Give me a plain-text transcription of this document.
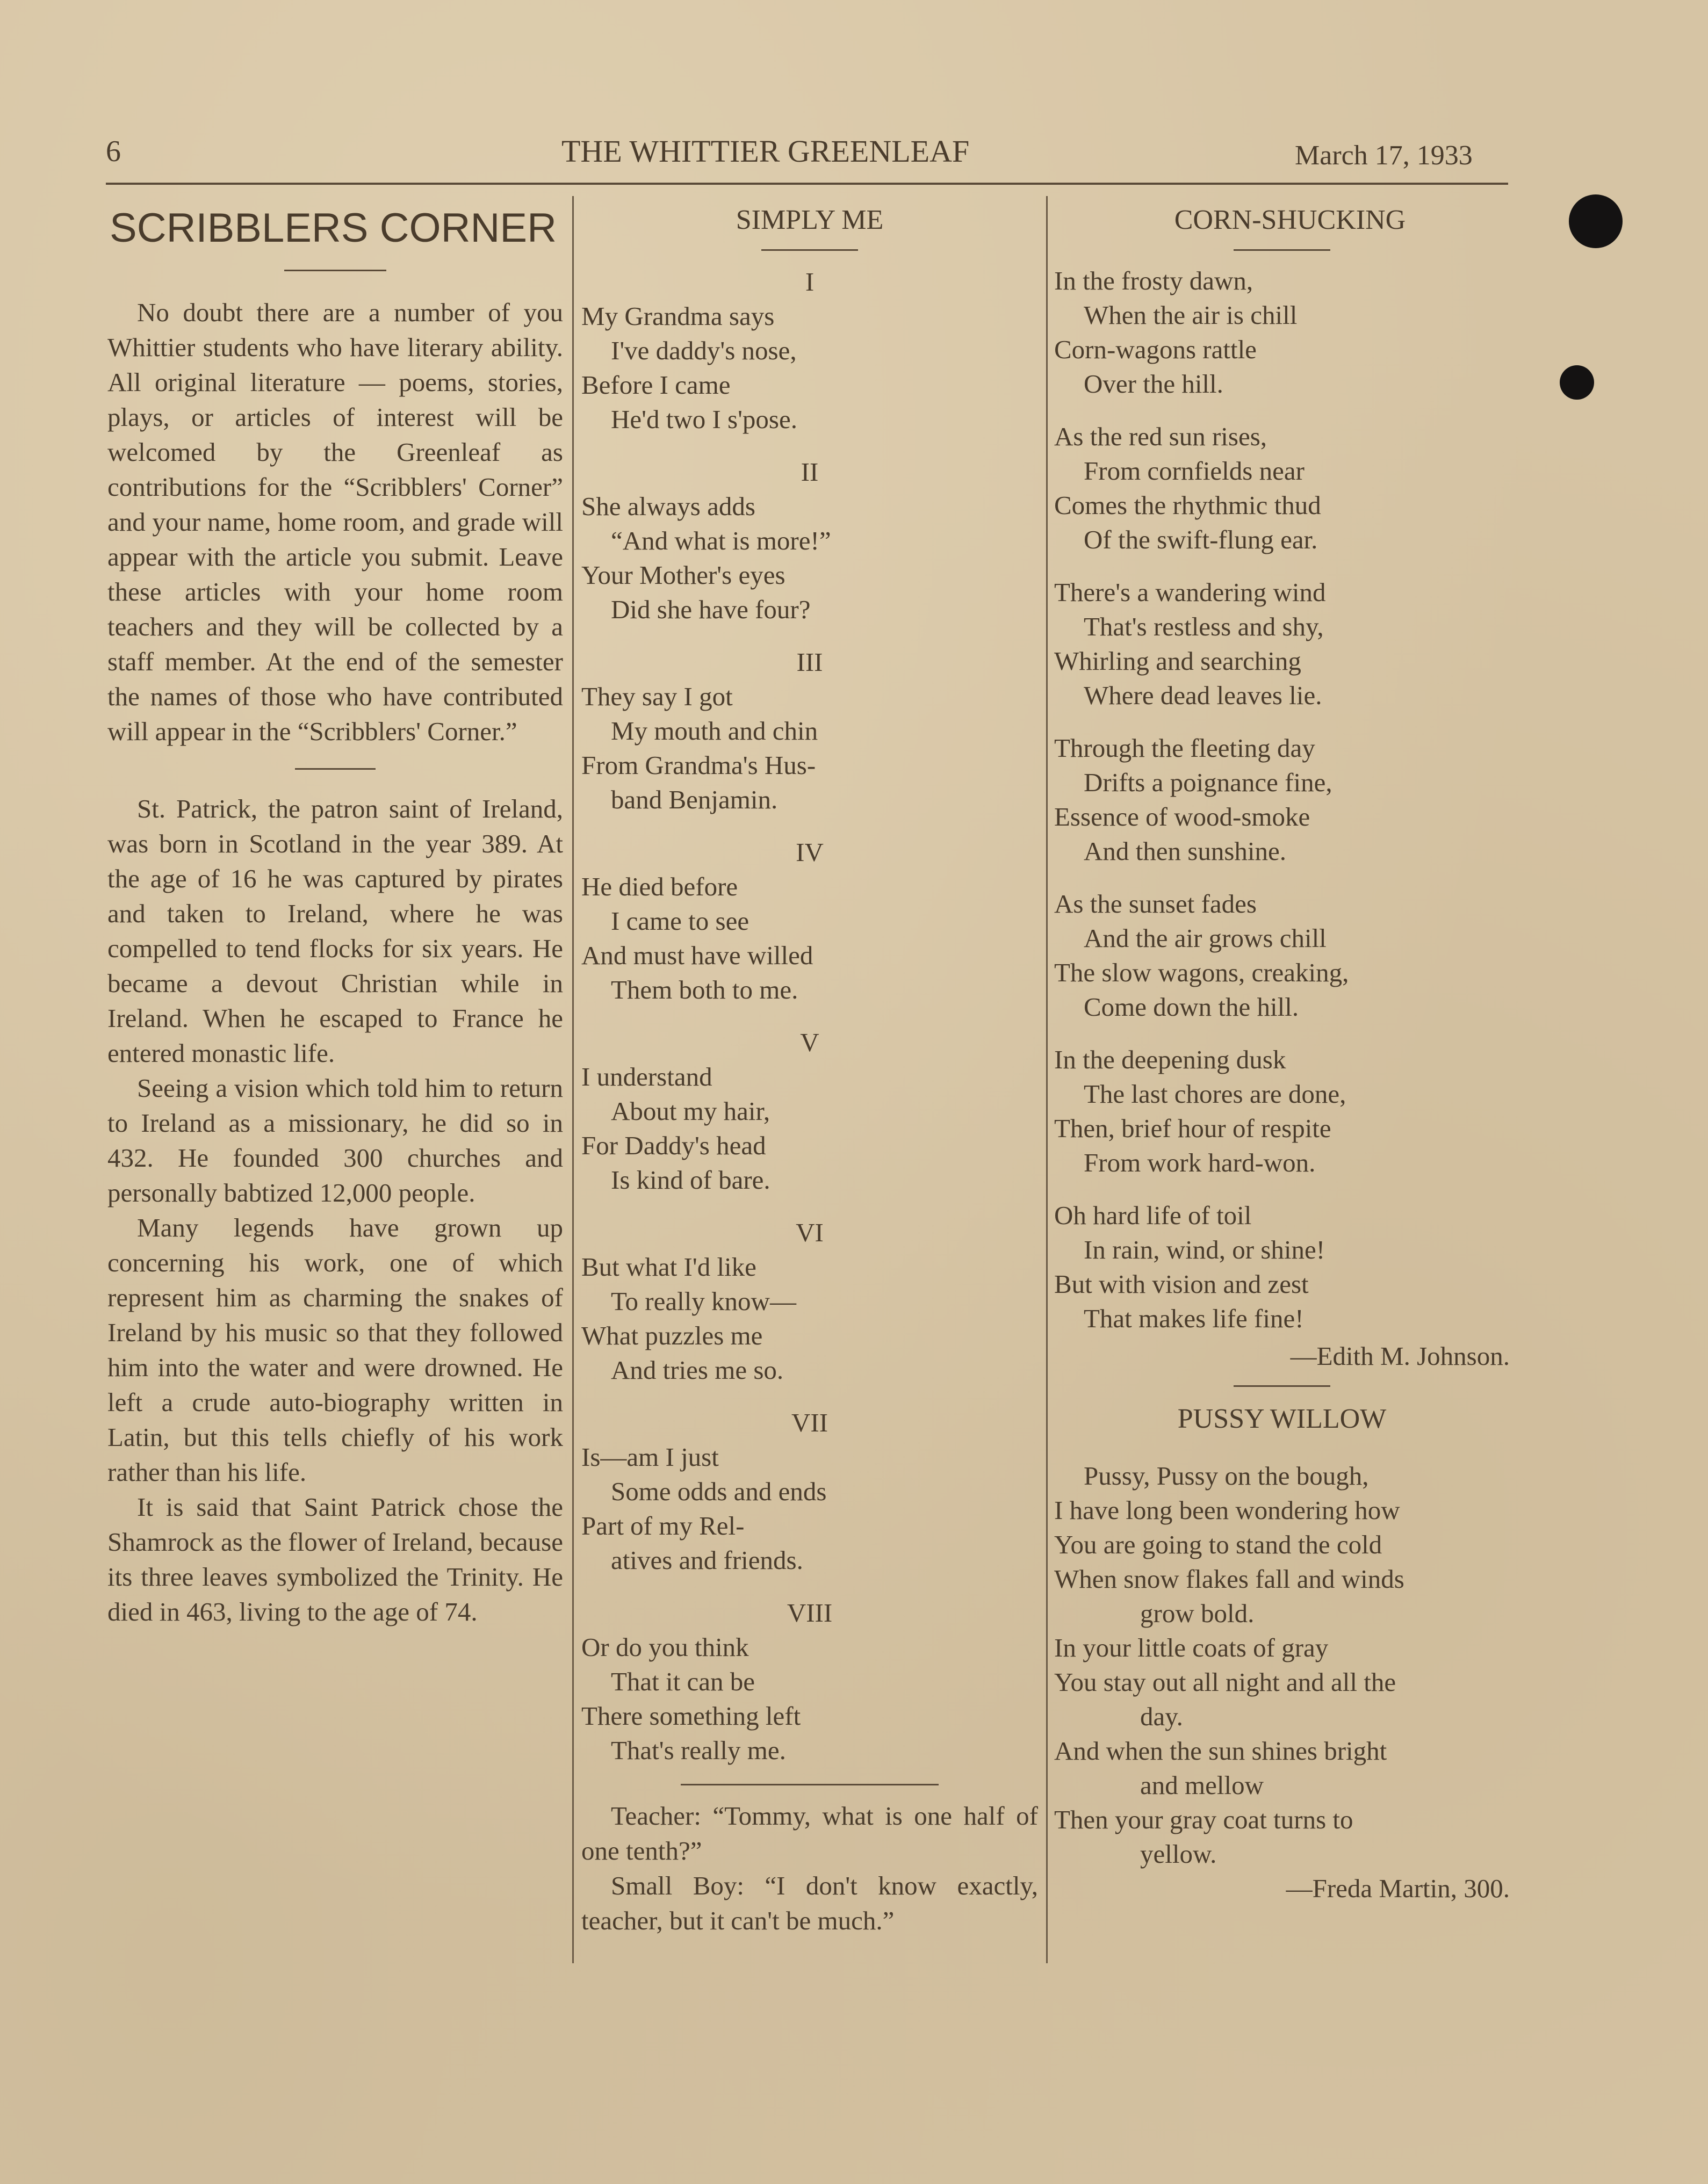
6	THE WHITTIER GREENLEAF	March 17, 1933
SCRIBBLERS CORNER

No doubt there are a number of you Whittier students who have literary ability. All original literature — poems, stories, plays, or articles of interest will be welcomed by the Greenleaf as contributions for the “Scribblers' Corner” and your name, home room, and grade will appear with the article you submit. Leave these articles with your home room teachers and they will be collected by a staff member. At the end of the semester the names of those who have contributed will appear in the “Scribblers' Corner.”

St. Patrick, the patron saint of Ireland, was born in Scotland in the year 389. At the age of 16 he was captured by pirates and taken to Ireland, where he was compelled to tend flocks for six years. He became a devout Christian while in Ireland. When he escaped to France he entered monastic life.

Seeing a vision which told him to return to Ireland as a missionary, he did so in 432. He founded 300 churches and personally babtized 12,000 people.

Many legends have grown up concerning his work, one of which represent him as charming the snakes of Ireland by his music so that they followed him into the water and were drowned. He left a crude auto-biography written in Latin, but this tells chiefly of his work rather than his life.

It is said that Saint Patrick chose the Shamrock as the flower of Ireland, because its three leaves symbolized the Trinity. He died in 463, living to the age of 74.

SIMPLY ME
I
My Grandma says
I've daddy's nose,
Before I came
He'd two I s'pose.
II
She always adds
“And what is more!”
Your Mother's eyes
Did she have four?
III
They say I got
My mouth and chin
From Grandma's Hus-
band Benjamin.
IV
He died before
I came to see
And must have willed
Them both to me.
V
I understand
About my hair,
For Daddy's head
Is kind of bare.
VI
But what I'd like
To really know—
What puzzles me
And tries me so.
VII
Is—am I just
Some odds and ends
Part of my Rel-
atives and friends.
VIII
Or do you think
That it can be
There something left
That's really me.

Teacher: “Tommy, what is one half of one tenth?”

Small Boy: “I don't know exactly, teacher, but it can't be much.”

CORN-SHUCKING
In the frosty dawn,
When the air is chill
Corn-wagons rattle
Over the hill.
As the red sun rises,
From cornfields near
Comes the rhythmic thud
Of the swift-flung ear.
There's a wandering wind
That's restless and shy,
Whirling and searching
Where dead leaves lie.
Through the fleeting day
Drifts a poignance fine,
Essence of wood-smoke
And then sunshine.
As the sunset fades
And the air grows chill
The slow wagons, creaking,
Come down the hill.
In the deepening dusk
The last chores are done,
Then, brief hour of respite
From work hard-won.
Oh hard life of toil
In rain, wind, or shine!
But with vision and zest
That makes life fine!
—Edith M. Johnson.
PUSSY WILLOW
Pussy, Pussy on the bough,
I have long been wondering how
You are going to stand the cold
When snow flakes fall and winds
grow bold.
In your little coats of gray
You stay out all night and all the
day.
And when the sun shines bright
and mellow
Then your gray coat turns to
yellow.
—Freda Martin, 300.
